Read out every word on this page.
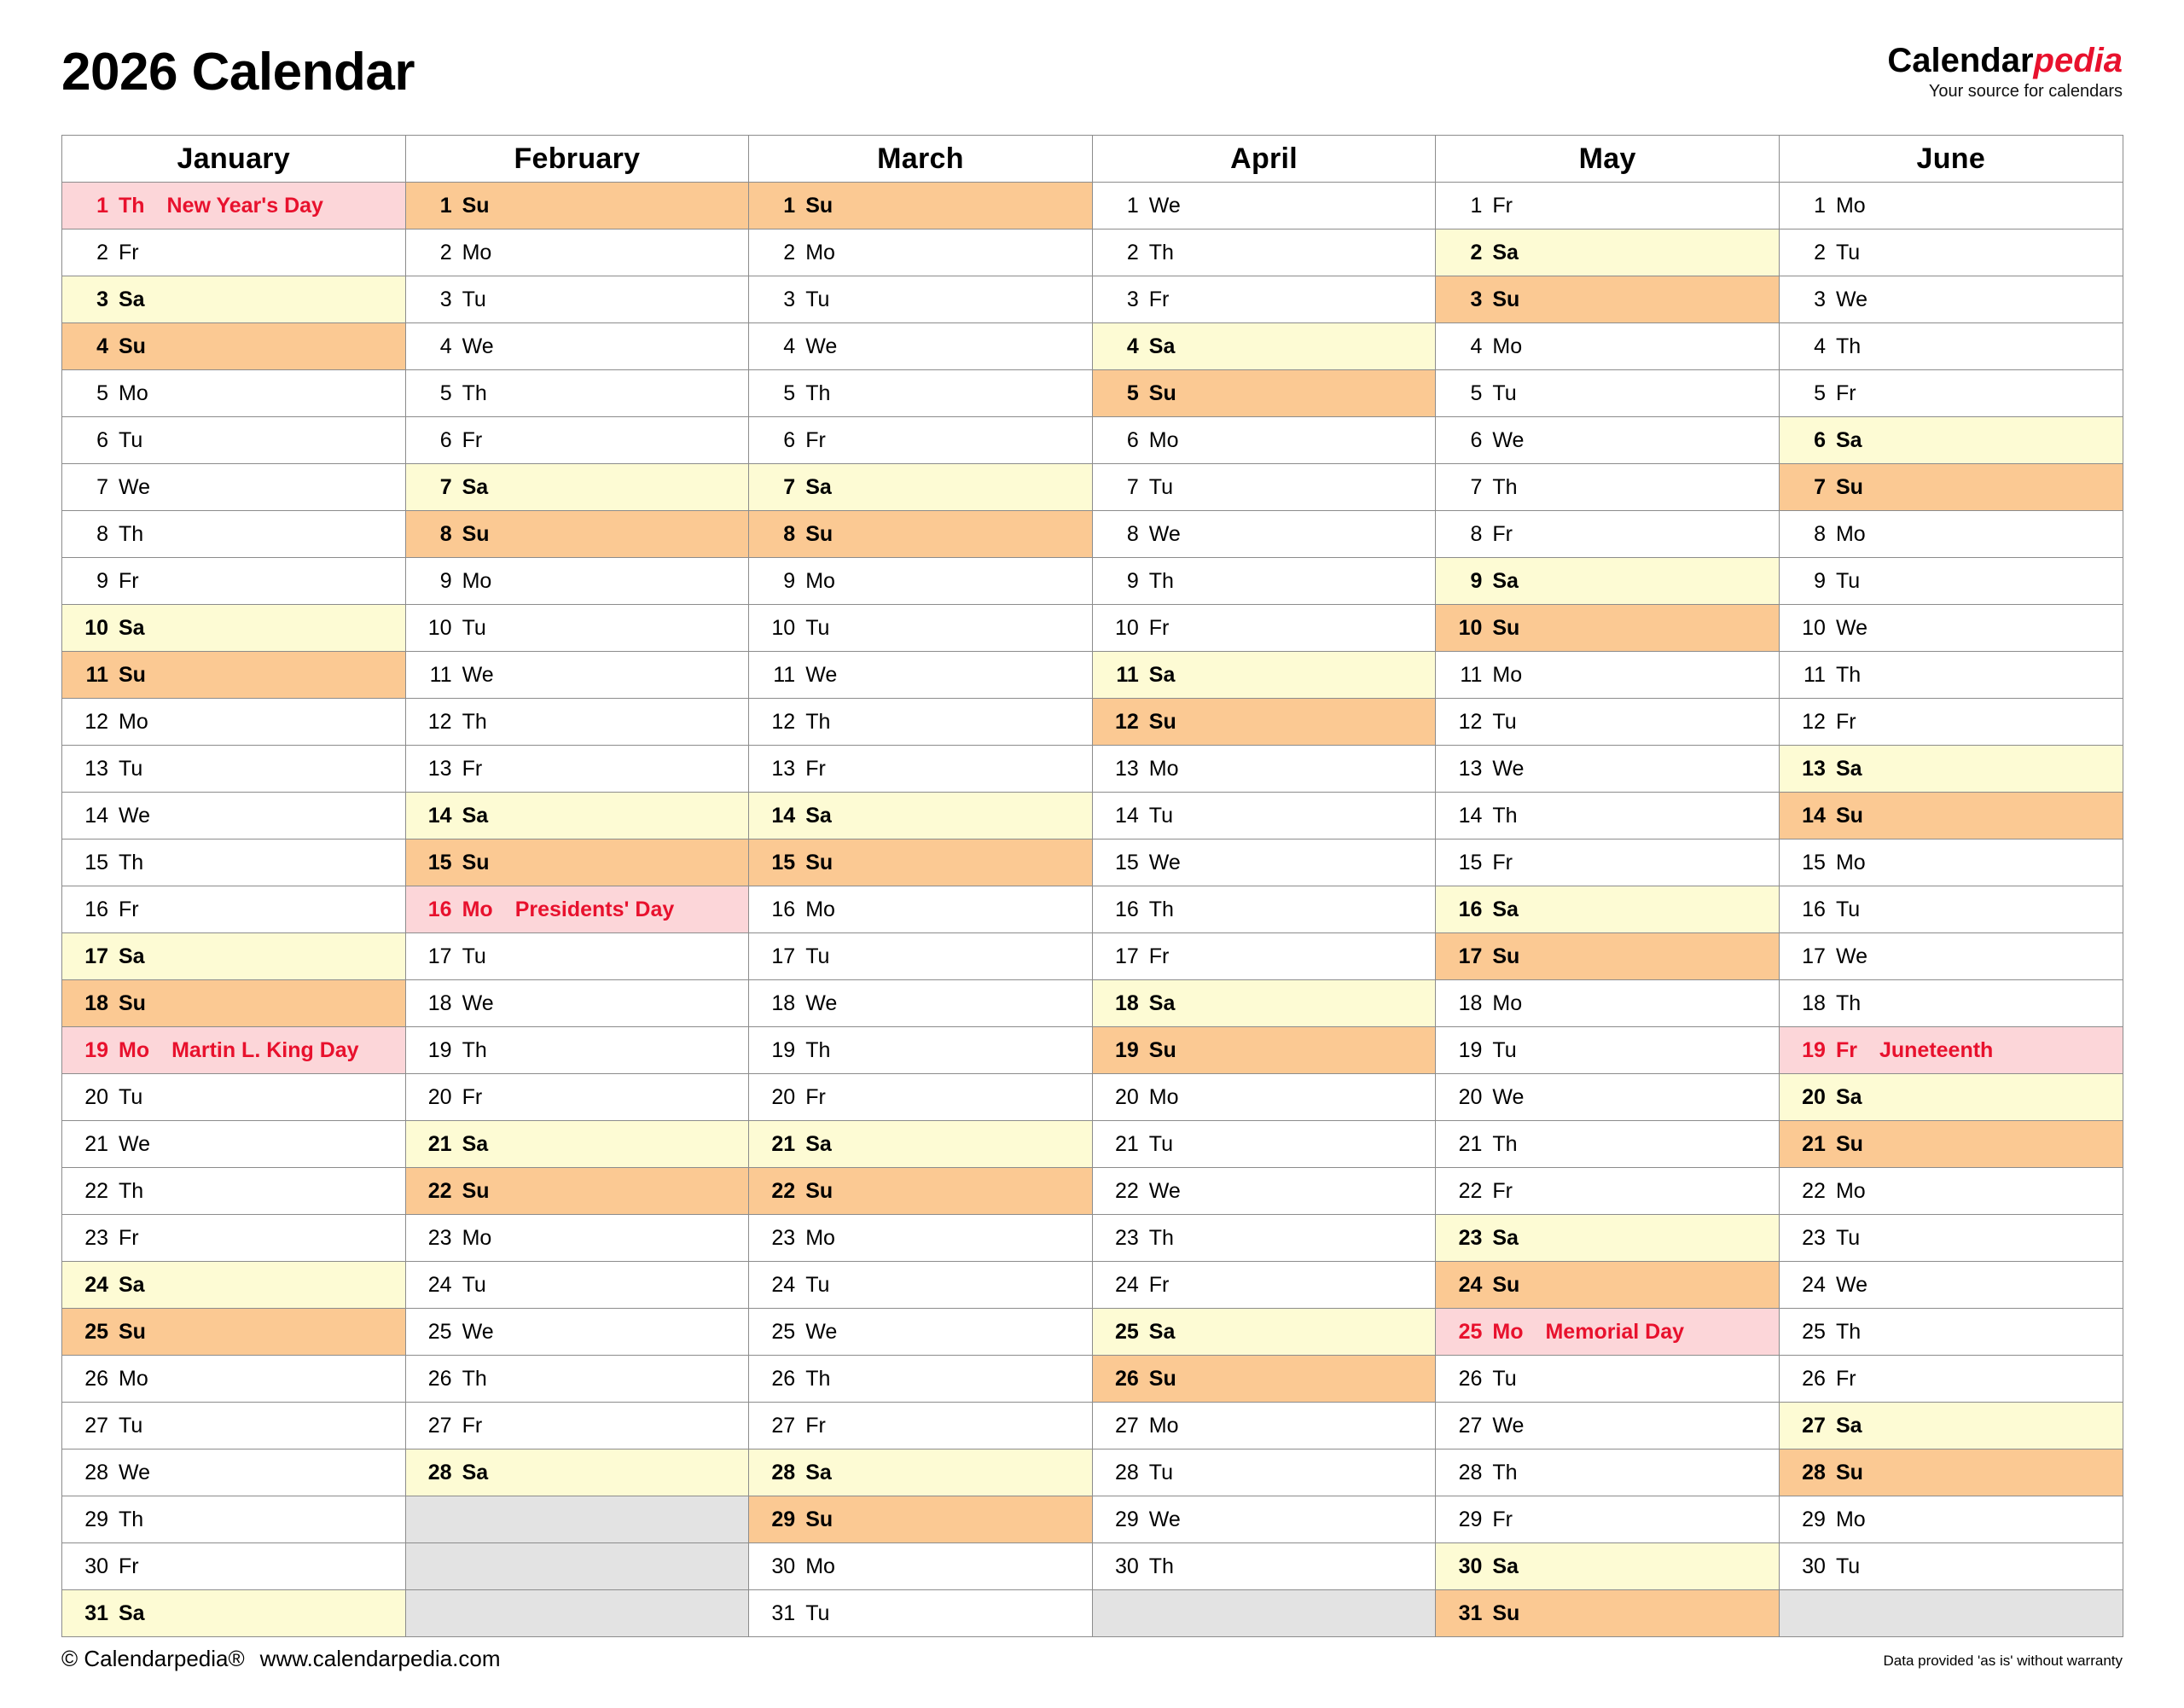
2026 Calendar	Calendarpedia
Your source for calendars
January	February	March	April	May	June

1 Th New Year's Day	1 Su	1 Su	1 We	1 Fr	1 Mo

2 Fr	2 Mo	2 Mo	2 Th	2 Sa	2 Tu

3 Sa	3 Tu	3 Tu	3 Fr	3 Su	3 We

4 Su	4 We	4 We	4 Sa	4 Mo	4 Th

5 Mo	5 Th	5 Th	5 Su	5 Tu	5 Fr

6 Tu	6 Fr	6 Fr	6 Mo	6 We	6 Sa

7 We	7 Sa	7 Sa	7 Tu	7 Th	7 Su

8 Th	8 Su	8 Su	8 We	8 Fr	8 Mo

9 Fr	9 Mo	9 Mo	9 Th	9 Sa	9 Tu

10 Sa	10 Tu	10 Tu	10 Fr	10 Su	10 We

11 Su	11 We	11 We	11 Sa	11 Mo	11 Th

12 Mo	12 Th	12 Th	12 Su	12 Tu	12 Fr

13 Tu	13 Fr	13 Fr	13 Mo	13 We	13 Sa

14 We	14 Sa	14 Sa	14 Tu	14 Th	14 Su

15 Th	15 Su	15 Su	15 We	15 Fr	15 Mo

16 Fr	16 Mo Presidents' Day	16 Mo	16 Th	16 Sa	16 Tu

17 Sa	17 Tu	17 Tu	17 Fr	17 Su	17 We

18 Su	18 We	18 We	18 Sa	18 Mo	18 Th

19 Mo Martin L. King Day	19 Th	19 Th	19 Su	19 Tu	19 Fr Juneteenth

20 Tu	20 Fr	20 Fr	20 Mo	20 We	20 Sa

21 We	21 Sa	21 Sa	21 Tu	21 Th	21 Su

22 Th	22 Su	22 Su	22 We	22 Fr	22 Mo

23 Fr	23 Mo	23 Mo	23 Th	23 Sa	23 Tu

24 Sa	24 Tu	24 Tu	24 Fr	24 Su	24 We

25 Su	25 We	25 We	25 Sa	25 Mo Memorial Day	25 Th

26 Mo	26 Th	26 Th	26 Su	26 Tu	26 Fr

27 Tu	27 Fr	27 Fr	27 Mo	27 We	27 Sa

28 We	28 Sa	28 Sa	28 Tu	28 Th	28 Su

29 Th		29 Su	29 We	29 Fr	29 Mo

30 Fr		30 Mo	30 Th	30 Sa	30 Tu

31 Sa		31 Tu		31 Su	

© Calendarpedia® www.calendarpedia.com	Data provided 'as is' without warranty
